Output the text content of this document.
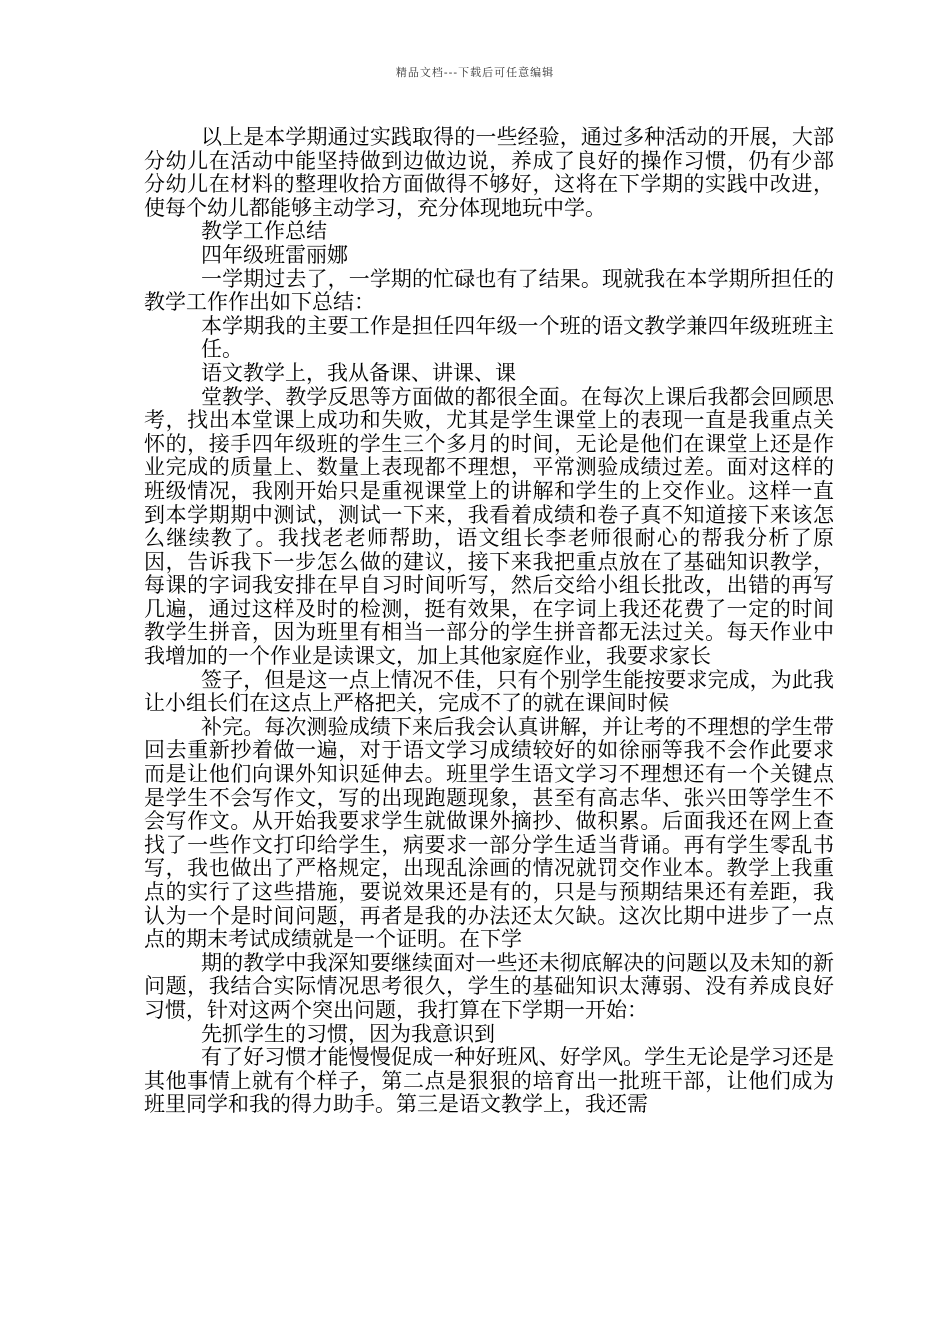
精品文档---下载后可任意编辑

以上是本学期通过实践取得的一些经验，通过多种活动的开展，大部分幼儿在活动中能坚持做到边做边说，养成了良好的操作习惯，仍有少部分幼儿在材料的整理收拾方面做得不够好，这将在下学期的实践中改进，使每个幼儿都能够主动学习，充分体现地玩中学。

教学工作总结

四年级班雷丽娜

一学期过去了，一学期的忙碌也有了结果。现就我在本学期所担任的教学工作作出如下总结：

本学期我的主要工作是担任四年级一个班的语文教学兼四年级班班主任。

语文教学上，我从备课、讲课、课

堂教学、教学反思等方面做的都很全面。在每次上课后我都会回顾思考，找出本堂课上成功和失败，尤其是学生课堂上的表现一直是我重点关怀的，接手四年级班的学生三个多月的时间，无论是他们在课堂上还是作业完成的质量上、数量上表现都不理想，平常测验成绩过差。面对这样的班级情况，我刚开始只是重视课堂上的讲解和学生的上交作业。这样一直到本学期期中测试，测试一下来，我看着成绩和卷子真不知道接下来该怎么继续教了。我找老老师帮助，语文组长李老师很耐心的帮我分析了原因，告诉我下一步怎么做的建议，接下来我把重点放在了基础知识教学，每课的字词我安排在早自习时间听写，然后交给小组长批改，出错的再写几遍，通过这样及时的检测，挺有效果，在字词上我还花费了一定的时间教学生拼音，因为班里有相当一部分的学生拼音都无法过关。每天作业中我增加的一个作业是读课文，加上其他家庭作业，我要求家长

签子，但是这一点上情况不佳，只有个别学生能按要求完成，为此我让小组长们在这点上严格把关，完成不了的就在课间时候

补完。每次测验成绩下来后我会认真讲解，并让考的不理想的学生带回去重新抄着做一遍，对于语文学习成绩较好的如徐丽等我不会作此要求而是让他们向课外知识延伸去。班里学生语文学习不理想还有一个关键点是学生不会写作文，写的出现跑题现象，甚至有高志华、张兴田等学生不会写作文。从开始我要求学生就做课外摘抄、做积累。后面我还在网上查找了一些作文打印给学生，病要求一部分学生适当背诵。再有学生零乱书写，我也做出了严格规定，出现乱涂画的情况就罚交作业本。教学上我重点的实行了这些措施，要说效果还是有的，只是与预期结果还有差距，我认为一个是时间问题，再者是我的办法还太欠缺。这次比期中进步了一点点的期末考试成绩就是一个证明。在下学

期的教学中我深知要继续面对一些还未彻底解决的问题以及未知的新问题，我结合实际情况思考很久，学生的基础知识太薄弱、没有养成良好习惯，针对这两个突出问题，我打算在下学期一开始：

先抓学生的习惯，因为我意识到

有了好习惯才能慢慢促成一种好班风、好学风。学生无论是学习还是其他事情上就有个样子，第二点是狠狠的培育出一批班干部，让他们成为班里同学和我的得力助手。第三是语文教学上，我还需
